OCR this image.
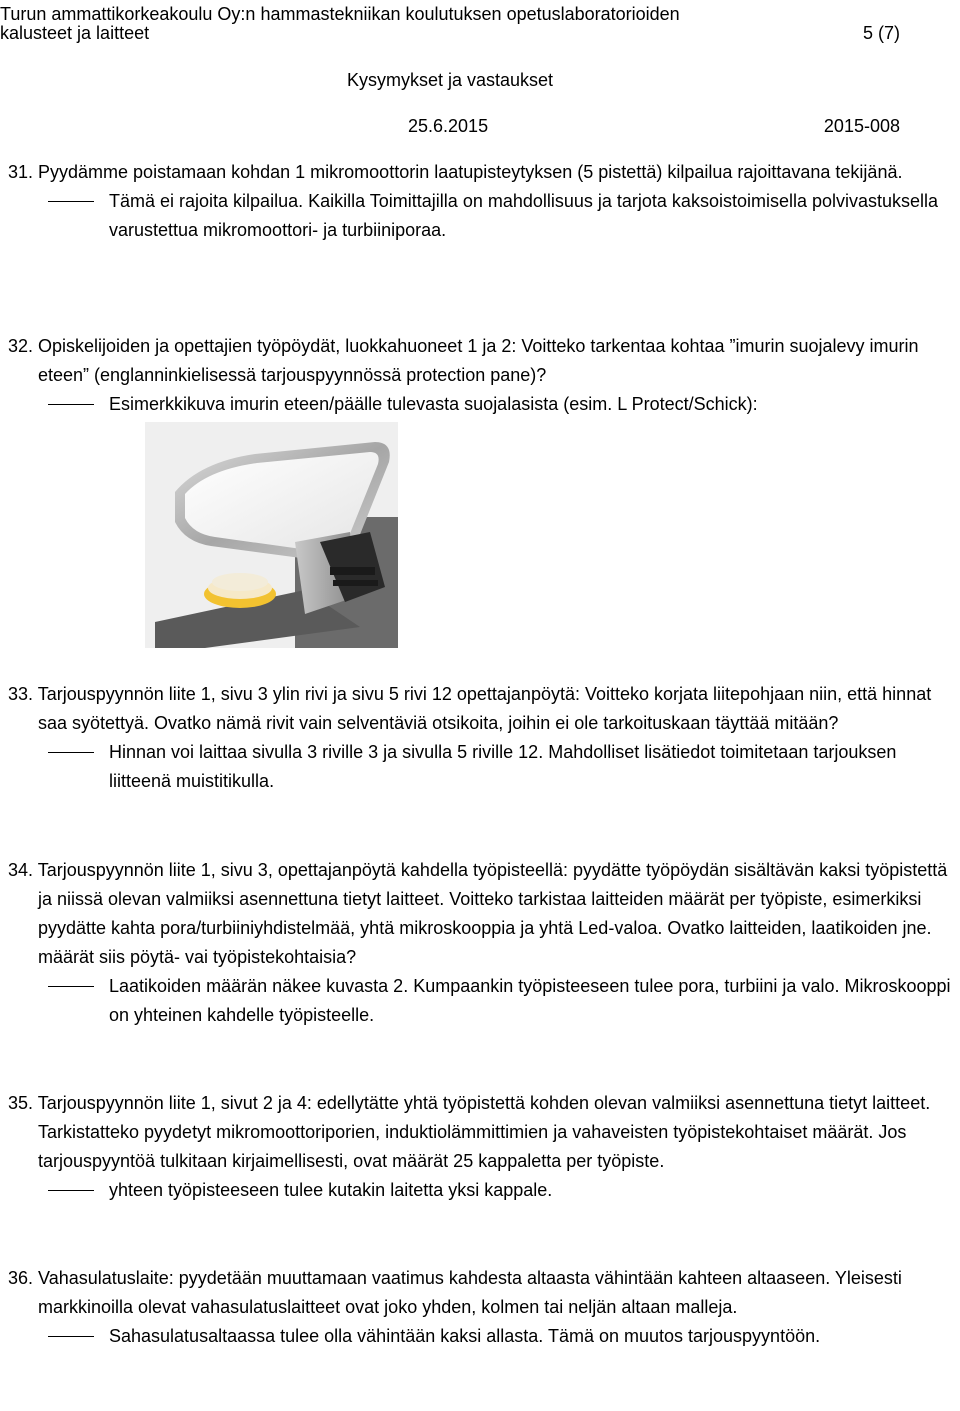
Turun ammattikorkeakoulu Oy:n hammastekniikan koulutuksen opetuslaboratorioiden
kalusteet ja laitteet	5 (7)
Kysymykset ja vastaukset
25.6.2015	2015-008
31. Pyydämme poistamaan kohdan 1 mikromoottorin laatupisteytyksen (5 pistettä) kilpailua rajoittavana tekijänä.
Tämä ei rajoita kilpailua. Kaikilla Toimittajilla on mahdollisuus ja tarjota kaksoistoimisella polvivastuksella varustettua mikromoottori- ja turbiiniporaa.
32. Opiskelijoiden ja opettajien työpöydät, luokkahuoneet 1 ja 2: Voitteko tarkentaa kohtaa ”imurin suojalevy imurin eteen” (englanninkielisessä tarjouspyynnössä protection pane)?
Esimerkkikuva imurin eteen/päälle tulevasta suojalasista (esim. L Protect/Schick):
33. Tarjouspyynnön liite 1, sivu 3 ylin rivi ja sivu 5 rivi 12 opettajanpöytä: Voitteko korjata liitepohjaan niin, että hinnat saa syötettyä. Ovatko nämä rivit vain selventäviä otsikoita, joihin ei ole tarkoituskaan täyttää mitään?
Hinnan voi laittaa sivulla 3 riville 3 ja sivulla 5 riville 12. Mahdolliset lisätiedot toimitetaan tarjouksen liitteenä muistitikulla.
34. Tarjouspyynnön liite 1, sivu 3, opettajanpöytä kahdella työpisteellä: pyydätte työpöydän sisältävän kaksi työpistettä ja niissä olevan valmiiksi asennettuna tietyt laitteet. Voitteko tarkistaa laitteiden määrät per työpiste, esimerkiksi pyydätte kahta pora/turbiiniyhdistelmää, yhtä mikroskooppia ja yhtä Led-valoa. Ovatko laitteiden, laatikoiden jne. määrät siis pöytä- vai työpistekohtaisia?
Laatikoiden määrän näkee kuvasta 2. Kumpaankin työpisteeseen tulee pora, turbiini ja valo. Mikroskooppi on yhteinen kahdelle työpisteelle.
35. Tarjouspyynnön liite 1, sivut 2 ja 4: edellytätte yhtä työpistettä kohden olevan valmiiksi asennettuna tietyt laitteet. Tarkistatteko pyydetyt mikromoottoriporien, induktiolämmittimien ja vahaveisten työpistekohtaiset määrät. Jos tarjouspyyntöä tulkitaan kirjaimellisesti, ovat määrät 25 kappaletta per työpiste.
yhteen työpisteeseen tulee kutakin laitetta yksi kappale.
36. Vahasulatuslaite: pyydetään muuttamaan vaatimus kahdesta altaasta vähintään kahteen altaaseen. Yleisesti markkinoilla olevat vahasulatuslaitteet ovat joko yhden, kolmen tai neljän altaan malleja.
Sahasulatusaltaassa tulee olla vähintään kaksi allasta. Tämä on muutos tarjouspyyntöön.
